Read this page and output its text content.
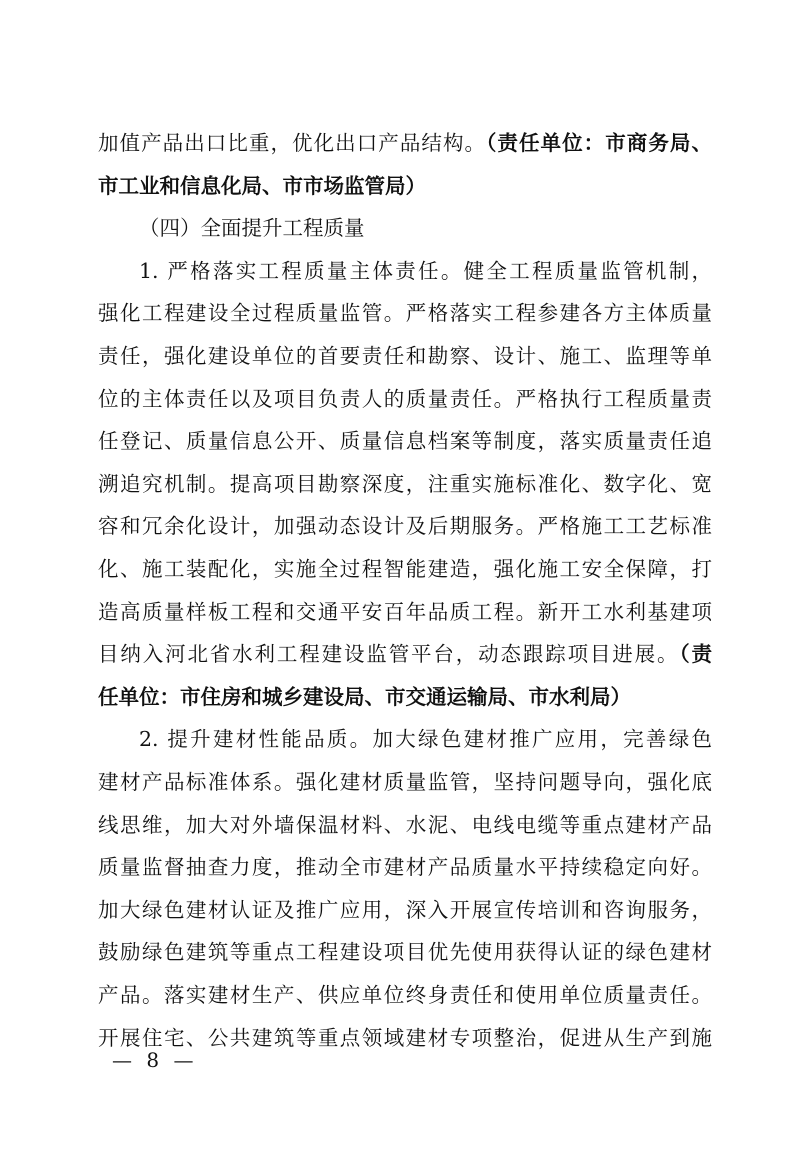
加值产品出口比重，优化出口产品结构。（责任单位：市商务局、
市工业和信息化局、市市场监管局）
（四）全面提升工程质量
1. 严格落实工程质量主体责任。健全工程质量监管机制，
强化工程建设全过程质量监管。严格落实工程参建各方主体质量
责任，强化建设单位的首要责任和勘察、设计、施工、监理等单
位的主体责任以及项目负责人的质量责任。严格执行工程质量责
任登记、质量信息公开、质量信息档案等制度，落实质量责任追
溯追究机制。提高项目勘察深度，注重实施标准化、数字化、宽
容和冗余化设计，加强动态设计及后期服务。严格施工工艺标准
化、施工装配化，实施全过程智能建造，强化施工安全保障，打
造高质量样板工程和交通平安百年品质工程。新开工水利基建项
目纳入河北省水利工程建设监管平台，动态跟踪项目进展。（责
任单位：市住房和城乡建设局、市交通运输局、市水利局）
2. 提升建材性能品质。加大绿色建材推广应用，完善绿色
建材产品标准体系。强化建材质量监管，坚持问题导向，强化底
线思维，加大对外墙保温材料、水泥、电线电缆等重点建材产品
质量监督抽查力度，推动全市建材产品质量水平持续稳定向好。
加大绿色建材认证及推广应用，深入开展宣传培训和咨询服务，
鼓励绿色建筑等重点工程建设项目优先使用获得认证的绿色建材
产品。落实建材生产、供应单位终身责任和使用单位质量责任。
开展住宅、公共建筑等重点领域建材专项整治，促进从生产到施
— 8 —
